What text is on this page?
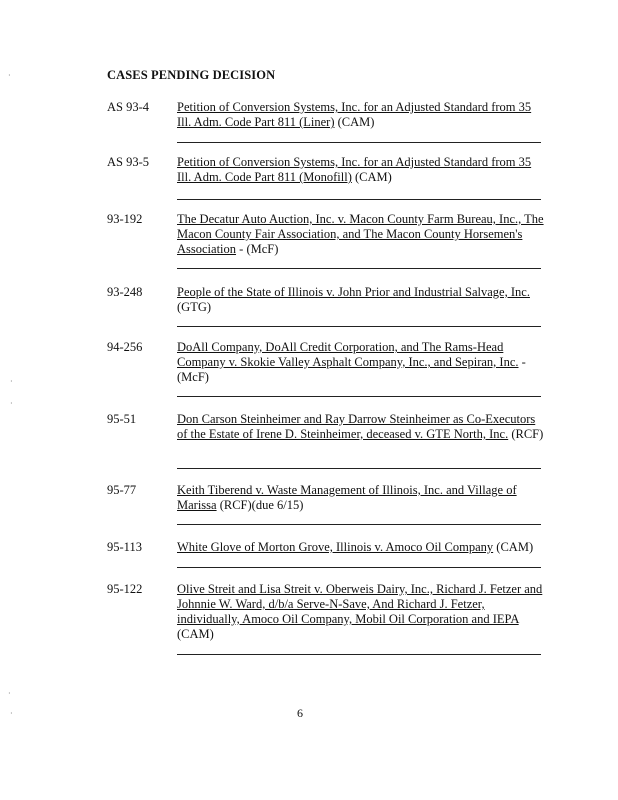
CASES PENDING DECISION
AS 93-4 Petition of Conversion Systems, Inc. for an Adjusted Standard from 35 Ill. Adm. Code Part 811 (Liner) (CAM)
AS 93-5 Petition of Conversion Systems, Inc. for an Adjusted Standard from 35 Ill. Adm. Code Part 811 (Monofill) (CAM)
93-192	The Decatur Auto Auction, Inc. v. Macon County Farm Bureau, Inc., The Macon County Fair Association, and The Macon County Horsemen's Association - (McF)
93-248	People of the State of Illinois v. John Prior and Industrial Salvage, Inc. (GTG)
94-256	DoAll Company, DoAll Credit Corporation, and The Rams-Head Company v. Skokie Valley Asphalt Company, Inc., and Sepiran, Inc. - (McF)
95-51	Don Carson Steinheimer and Ray Darrow Steinheimer as Co-Executors of the Estate of Irene D. Steinheimer, deceased v. GTE North, Inc. (RCF)
95-77	Keith Tiberend v. Waste Management of Illinois, Inc. and Village of Marissa (RCF)(due 6/15)
95-113	White Glove of Morton Grove, Illinois v. Amoco Oil Company (CAM)
95-122	Olive Streit and Lisa Streit v. Oberweis Dairy, Inc., Richard J. Fetzer and Johnnie W. Ward, d/b/a Serve-N-Save, And Richard J. Fetzer, individually, Amoco Oil Company, Mobil Oil Corporation and IEPA (CAM)
6
·
·
·
·
·
